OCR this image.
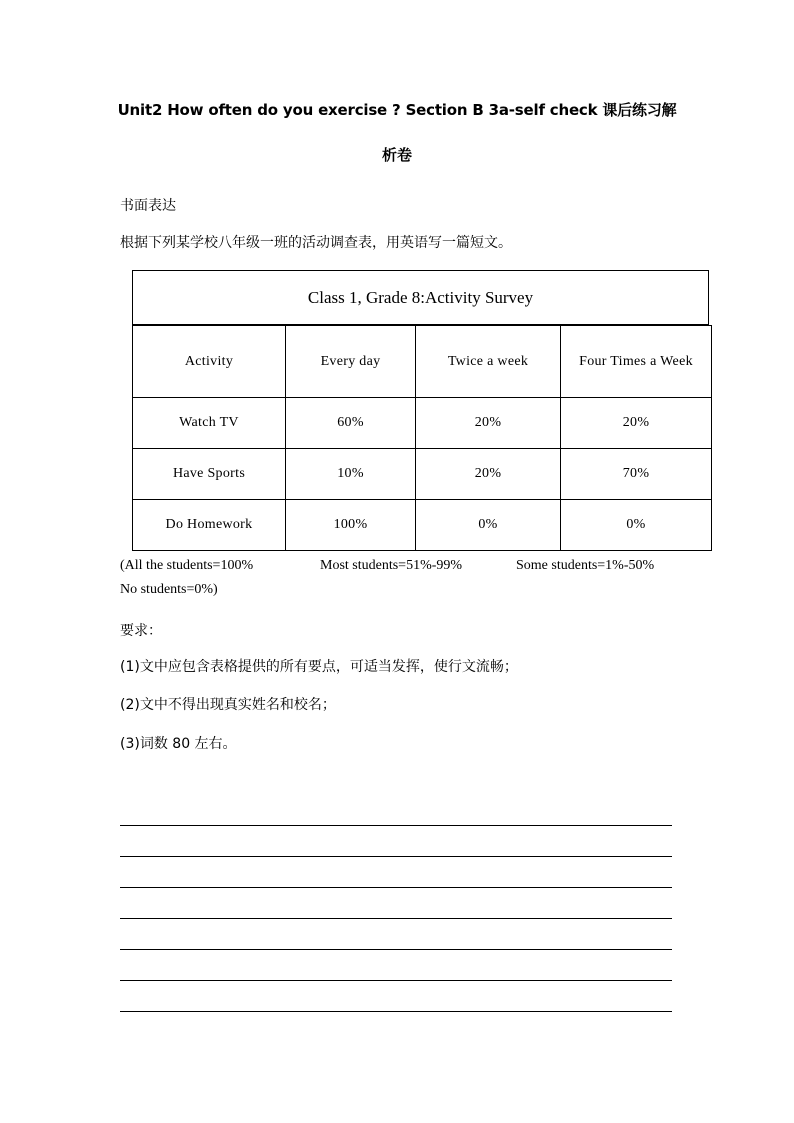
Unit2 How often do you exercise ? Section B 3a-self check 课后练习解
析卷
书面表达
根据下列某学校八年级一班的活动调查表，用英语写一篇短文。
Class 1, Grade 8:Activity Survey
Activity	Every day	Twice a week	Four Times a Week
Watch TV	60%	20%	20%
Have Sports	10%	20%	70%
Do Homework	100%	0%	0%
(All the students=100%	Most students=51%-99%	Some students=1%-50%
No students=0%)
要求：
(1)文中应包含表格提供的所有要点，可适当发挥，使行文流畅；
(2)文中不得出现真实姓名和校名；
(3)词数 80 左右。
